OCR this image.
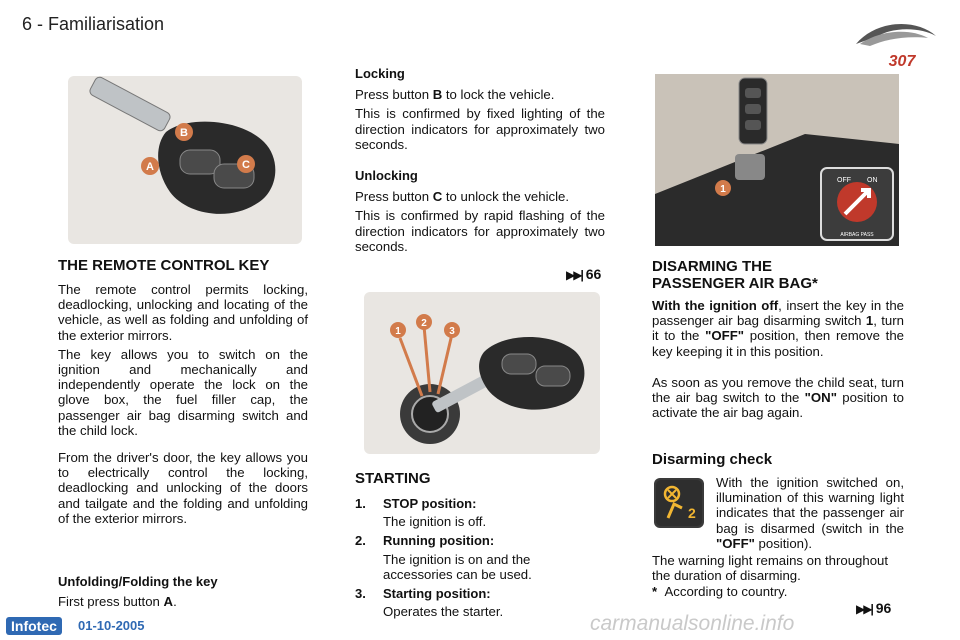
6 - Familiarisation
307
A
B
C
THE REMOTE CONTROL KEY

The remote control permits locking, deadlocking, unlocking and locating of the vehicle, as well as folding and unfolding of the exterior mirrors.

The key allows you to switch on the ignition and mechanically and independently operate the lock on the glove box, the fuel filler cap, the passenger air bag disarming switch and the child lock.

From the driver's door, the key allows you to electrically control the locking, deadlocking and unlocking of the doors and tailgate and the folding and unfolding of the exterior mirrors.

Unfolding/Folding the key
First press button A.
Locking

Press button B to lock the vehicle.

This is confirmed by fixed lighting of the direction indicators for approximately two seconds.

Unlocking

Press button C to unlock the vehicle.

This is confirmed by rapid flashing of the direction indicators for approximately two seconds.

▶▶| 66
1
2
3
STARTING
1. STOP position:
The ignition is off.
2. Running position:
The ignition is on and the accessories can be used.
3. Starting position:
Operates the starter.
1
OFF ON
AIRBAG PASS
DISARMING THE
PASSENGER AIR BAG*

With the ignition off, insert the key in the passenger air bag disarming switch 1, turn it to the "OFF" position, then remove the key keeping it in this position.

As soon as you remove the child seat, turn the air bag switch to the "ON" position to activate the air bag again.

Disarming check
2

With the ignition switched on, illumination of this warning light indicates that the passenger air bag is disarmed (switch in the "OFF" position).

The warning light remains on throughout the duration of disarming.
* According to country.
▶▶| 96
Infotec	01-10-2005	carmanualsonline.info
